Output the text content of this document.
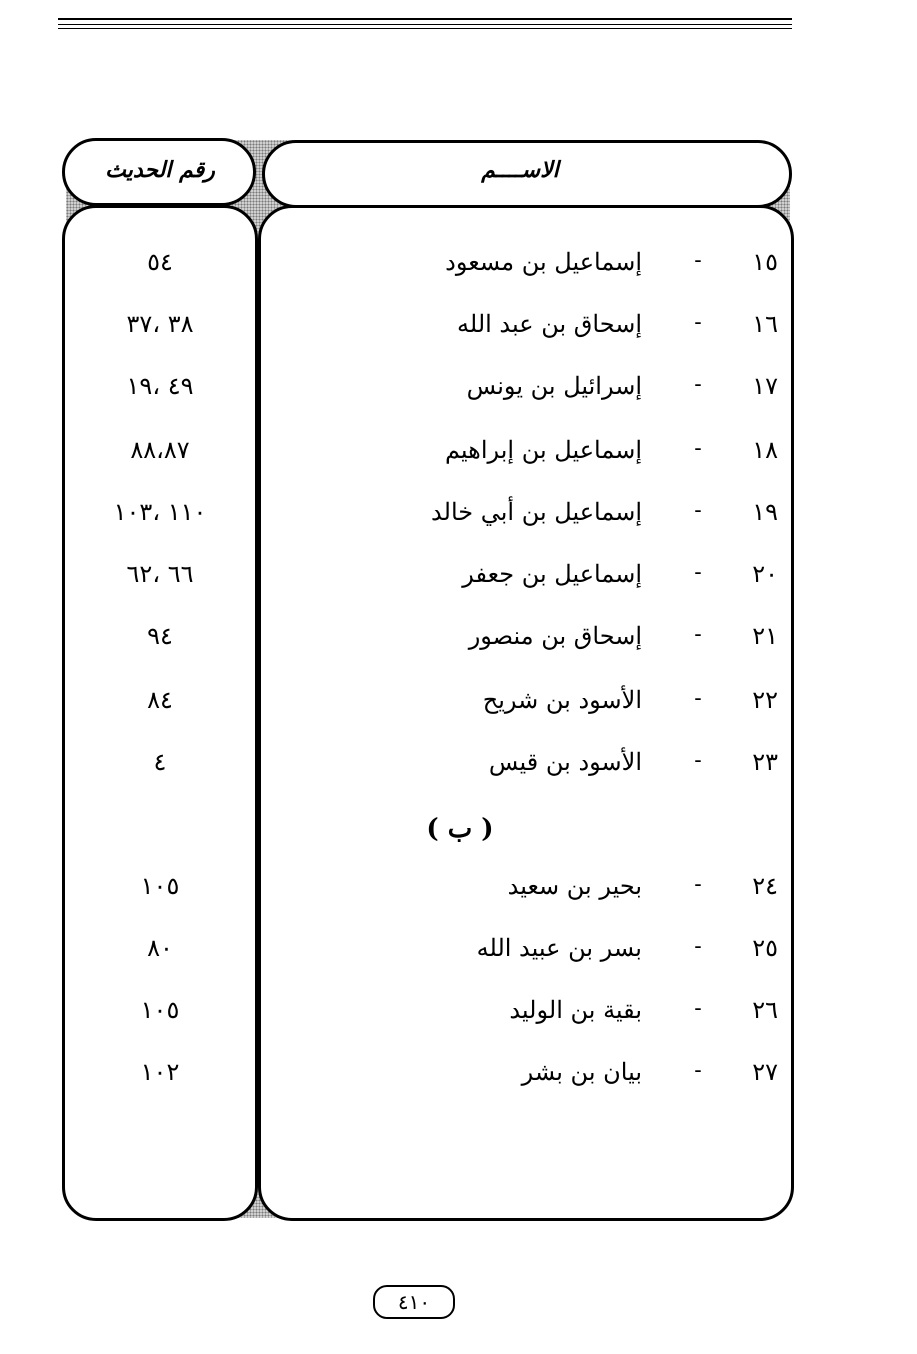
الاســــم
رقم الحديث
١٥
-
إسماعيل بن مسعود
٥٤
١٦
-
إسحاق بن عبد الله
٣٨ ،٣٧
١٧
-
إسرائيل بن يونس
٤٩ ،١٩
١٨
-
إسماعيل بن إبراهيم
٨٨،٨٧
١٩
-
إسماعيل بن أبي خالد
١١٠ ،١٠٣
٢٠
-
إسماعيل بن جعفر
٦٦ ،٦٢
٢١
-
إسحاق بن منصور
٩٤
٢٢
-
الأسود بن شريح
٨٤
٢٣
-
الأسود بن قيس
٤
( ب )
٢٤
-
بحير بن سعيد
١٠٥
٢٥
-
بسر بن عبيد الله
٨٠
٢٦
-
بقية بن الوليد
١٠٥
٢٧
-
بيان بن بشر
١٠٢
٤١٠
